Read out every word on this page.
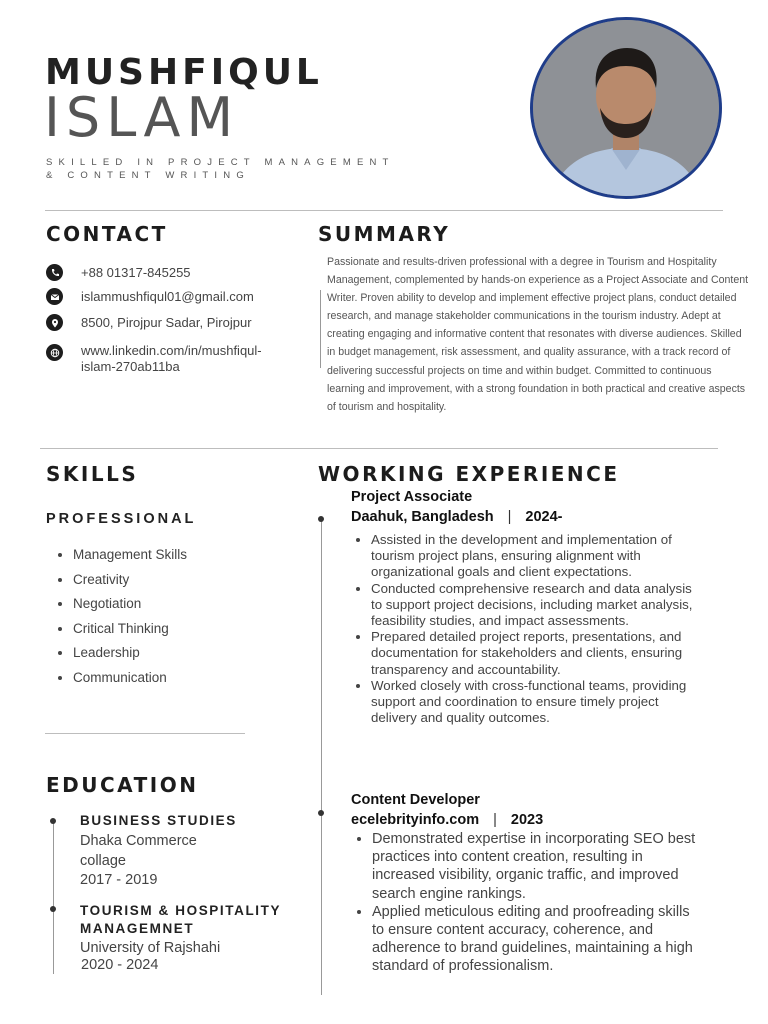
MUSHFIQUL
ISLAM
SKILLED IN PROJECT MANAGEMENT
& CONTENT WRITING
CONTACT
+88 01317-845255
islammushfiqul01@gmail.com
8500, Pirojpur Sadar, Pirojpur
www.linkedin.com/in/mushfiqul-
islam-270ab11ba
SUMMARY
Passionate and results-driven professional with a degree in Tourism and Hospitality Management, complemented by hands-on experience as a Project Associate and Content Writer. Proven ability to develop and implement effective project plans, conduct detailed research, and manage stakeholder communications in the tourism industry. Adept at creating engaging and informative content that resonates with diverse audiences. Skilled in budget management, risk assessment, and quality assurance, with a track record of delivering successful projects on time and within budget. Committed to continuous learning and improvement, with a strong foundation in both practical and creative aspects of tourism and hospitality.
SKILLS
PROFESSIONAL
• Management Skills
• Creativity
• Negotiation
• Critical Thinking
• Leadership
• Communication
EDUCATION
BUSINESS STUDIES
Dhaka Commerce
collage
2017 - 2019
TOURISM & HOSPITALITY
MANAGEMNET
University of Rajshahi
2020 - 2024
WORKING EXPERIENCE
Project Associate
Daahuk, Bangladesh | 2024-
• Assisted in the development and implementation of tourism project plans, ensuring alignment with organizational goals and client expectations.
• Conducted comprehensive research and data analysis to support project decisions, including market analysis, feasibility studies, and impact assessments.
• Prepared detailed project reports, presentations, and documentation for stakeholders and clients, ensuring transparency and accountability.
• Worked closely with cross-functional teams, providing support and coordination to ensure timely project delivery and quality outcomes.
Content Developer
ecelebrityinfo.com | 2023
• Demonstrated expertise in incorporating SEO best practices into content creation, resulting in increased visibility, organic traffic, and improved search engine rankings.
• Applied meticulous editing and proofreading skills to ensure content accuracy, coherence, and adherence to brand guidelines, maintaining a high standard of professionalism.
